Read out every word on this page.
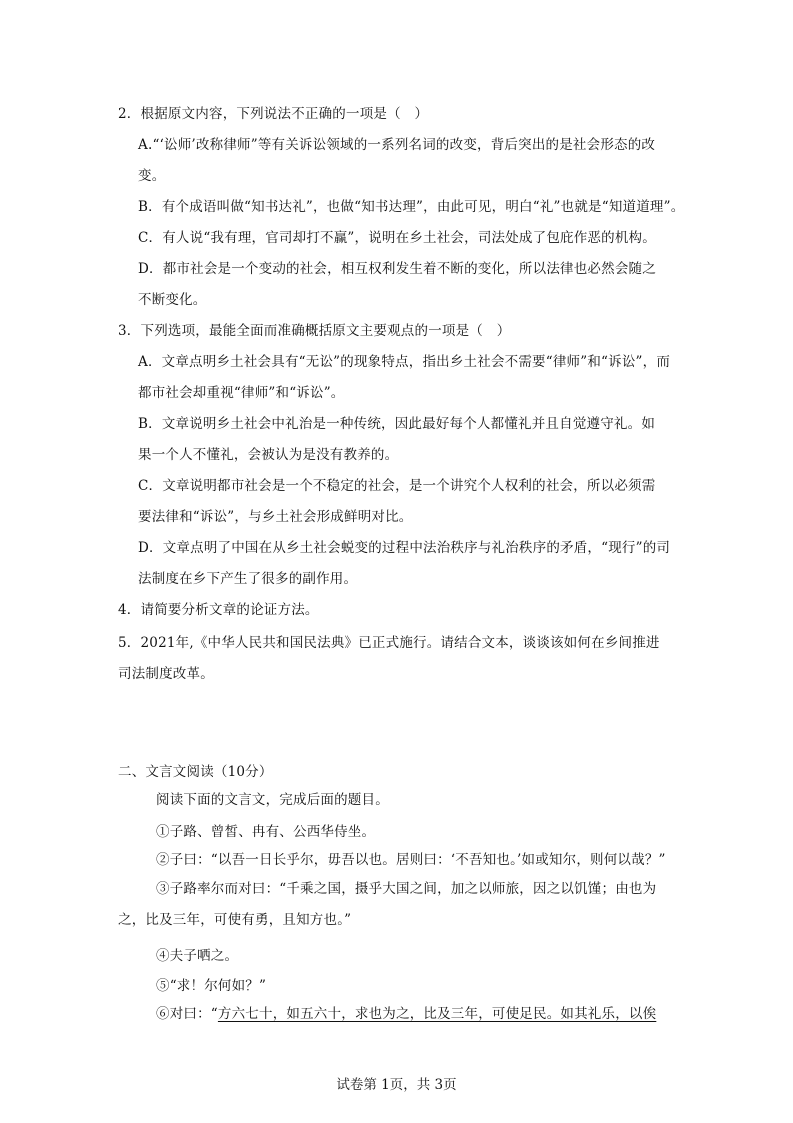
2．根据原文内容，下列说法不正确的一项是（　）
A.“‘讼师’改称律师”等有关诉讼领域的一系列名词的改变，背后突出的是社会形态的改
变。
B．有个成语叫做“知书达礼”，也做“知书达理”，由此可见，明白“礼”也就是“知道道理”。
C．有人说“我有理，官司却打不赢”，说明在乡土社会，司法处成了包庇作恶的机构。
D．都市社会是一个变动的社会，相互权利发生着不断的变化，所以法律也必然会随之
不断变化。
3．下列选项，最能全面而准确概括原文主要观点的一项是（　）
A．文章点明乡土社会具有“无讼”的现象特点，指出乡土社会不需要“律师”和“诉讼”，而
都市社会却重视“律师”和“诉讼”。
B．文章说明乡土社会中礼治是一种传统，因此最好每个人都懂礼并且自觉遵守礼。如
果一个人不懂礼，会被认为是没有教养的。
C．文章说明都市社会是一个不稳定的社会，是一个讲究个人权利的社会，所以必须需
要法律和“诉讼”，与乡土社会形成鲜明对比。
D．文章点明了中国在从乡土社会蜕变的过程中法治秩序与礼治秩序的矛盾，“现行”的司
法制度在乡下产生了很多的副作用。
4．请简要分析文章的论证方法。
5．2021年,《中华人民共和国民法典》已正式施行。请结合文本，谈谈该如何在乡间推进
司法制度改革。
二、文言文阅读（10分）
阅读下面的文言文，完成后面的题目。
①子路、曾皙、冉有、公西华侍坐。
②子曰：“以吾一日长乎尔，毋吾以也。居则曰：‘不吾知也。’如或知尔，则何以哉？”
③子路率尔而对曰：“千乘之国，摄乎大国之间，加之以师旅，因之以饥馑；由也为
之，比及三年，可使有勇，且知方也。”
④夫子哂之。
⑤“求！尔何如？”
⑥对曰：“方六七十，如五六十，求也为之，比及三年，可使足民。如其礼乐，以俟
试卷第 1页，共 3页
